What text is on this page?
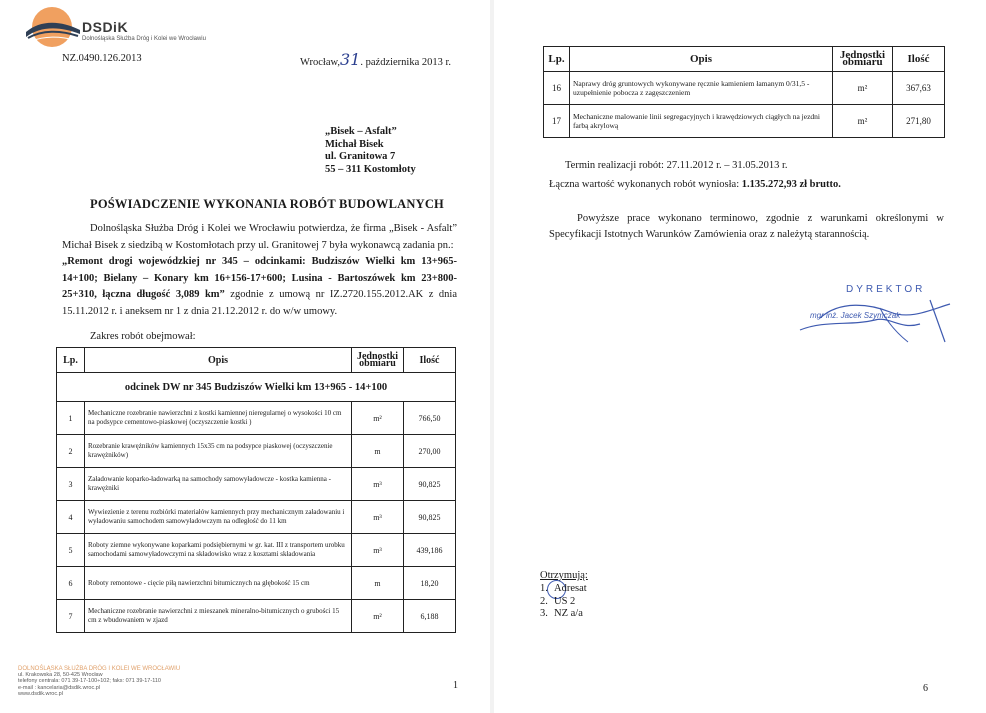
DSDiK
Dolnośląska Służba Dróg i Kolei we Wrocławiu
NZ.0490.126.2013	Wrocław,31. października 2013 r.
„Bisek – Asfalt”
Michał Bisek
ul. Granitowa 7
55 – 311 Kostomłoty
POŚWIADCZENIE WYKONANIA ROBÓT BUDOWLANYCH

Dolnośląska Służba Dróg i Kolei we Wrocławiu potwierdza, że firma „Bisek - Asfalt” Michał Bisek z siedzibą w Kostomłotach przy ul. Granitowej 7 była wykonawcą zadania pn.:

„Remont drogi wojewódzkiej nr 345 – odcinkami: Budziszów Wielki km 13+965-14+100; Bielany – Konary km 16+156-17+600; Lusina - Bartoszówek km 23+800-25+310, łączna długość 3,089 km” zgodnie z umową nr IZ.2720.155.2012.AK z dnia 15.11.2012 r. i aneksem nr 1 z dnia 21.12.2012 r. do w/w umowy.

Zakres robót obejmował:
Lp.	Opis	Jednostki obmiaru	Ilość
odcinek DW nr 345 Budziszów Wielki km 13+965 - 14+100			
1	Mechaniczne rozebranie nawierzchni z kostki kamiennej nieregularnej o wysokości 10 cm na podsypce cementowo-piaskowej (oczyszczenie kostki )	m²	766,50
2	Rozebranie krawężników kamiennych 15x35 cm na podsypce piaskowej (oczyszczenie krawężników)	m	270,00
3	Załadowanie koparko-ładowarką na samochody samowyładowcze - kostka kamienna - krawężniki	m³	90,825
4	Wywiezienie z terenu rozbiórki materiałów kamiennych przy mechanicznym załadowaniu i wyładowaniu samochodem samowyładowczym na odległość do 11 km	m³	90,825
5	Roboty ziemne wykonywane koparkami podsiębiernymi w gr. kat. III z transportem urobku samochodami samowyładowczymi na składowisko wraz z kosztami składowania	m³	439,186
6	Roboty remontowe - cięcie piłą nawierzchni bitumicznych na głębokość 15 cm	m	18,20
7	Mechaniczne rozebranie nawierzchni z mieszanek mineralno-bitumicznych o grubości 15 cm z wbudowaniem w zjazd	m²	6,188
DOLNOŚLĄSKA SŁUŻBA DRÓG I KOLEI WE WROCŁAWIU
ul. Krakowska 28, 50-425 Wrocław
telefony centrala: 071 39-17-100÷102; faks: 071 39-17-110
e-mail : kancelaria@dsdik.wroc.pl
www.dsdik.wroc.pl
1
Lp.	Opis	Jednostki obmiaru	Ilość
16	Naprawy dróg gruntowych wykonywane ręcznie kamieniem łamanym 0/31,5 - uzupełnienie pobocza z zagęszczeniem	m²	367,63
17	Mechaniczne malowanie linii segregacyjnych i krawędziowych ciągłych na jezdni farbą akrylową	m²	271,80
Termin realizacji robót: 27.11.2012 r. – 31.05.2013 r.
Łączna wartość wykonanych robót wyniosła: 1.135.272,93 zł brutto.

Powyższe prace wykonano terminowo, zgodnie z warunkami określonymi w Specyfikacji Istotnych Warunków Zamówienia oraz z należytą starannością.

DYREKTOR
mgr inż. Jacek Szymczak
Otrzymują:
1. Adresat
2. US 2
3. NZ a/a
6
